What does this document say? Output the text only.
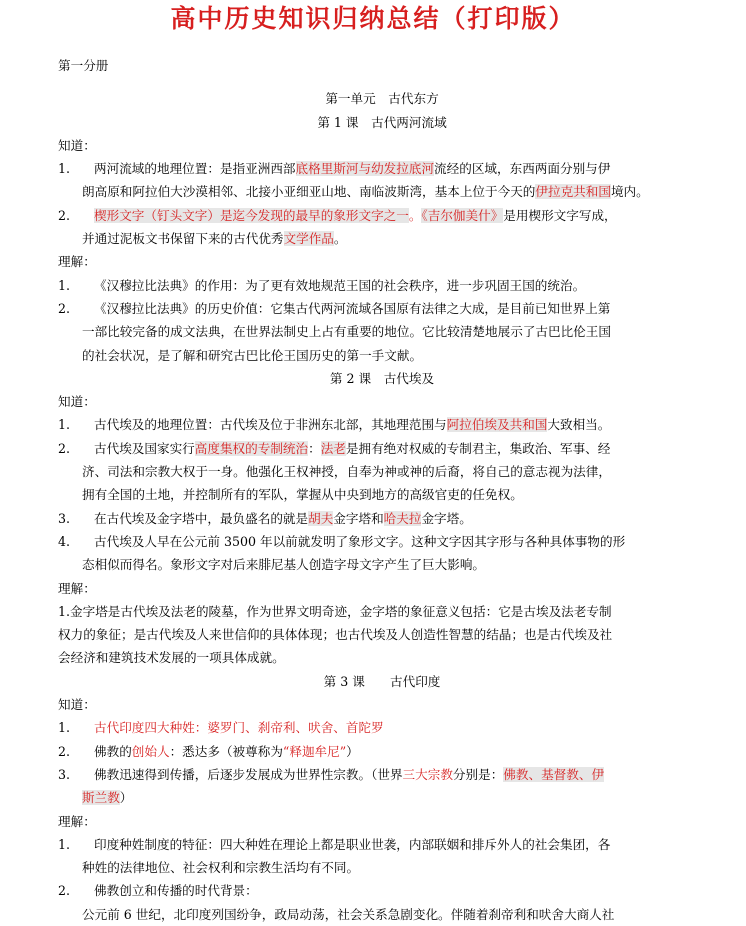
高中历史知识归纳总结（打印版）
第一分册
第一单元　古代东方
第 1 课　古代两河流域
知道：
1. 两河流域的地理位置：是指亚洲西部底格里斯河与幼发拉底河流经的区域，东西两面分别与伊
朗高原和阿拉伯大沙漠相邻、北接小亚细亚山地、南临波斯湾，基本上位于今天的伊拉克共和国境内。
2. 楔形文字（钉头文字）是迄今发现的最早的象形文字之一。《吉尔伽美什》是用楔形文字写成，
并通过泥板文书保留下来的古代优秀文学作品。
理解：
1. 《汉穆拉比法典》的作用：为了更有效地规范王国的社会秩序，进一步巩固王国的统治。
2. 《汉穆拉比法典》的历史价值：它集古代两河流域各国原有法律之大成，是目前已知世界上第
一部比较完备的成文法典，在世界法制史上占有重要的地位。它比较清楚地展示了古巴比伦王国
的社会状况，是了解和研究古巴比伦王国历史的第一手文献。
第 2 课　古代埃及
知道：
1. 古代埃及的地理位置：古代埃及位于非洲东北部，其地理范围与阿拉伯埃及共和国大致相当。
2. 古代埃及国家实行高度集权的专制统治：法老是拥有绝对权威的专制君主，集政治、军事、经
济、司法和宗教大权于一身。他强化王权神授，自奉为神或神的后裔，将自己的意志视为法律，
拥有全国的土地，并控制所有的军队，掌握从中央到地方的高级官吏的任免权。
3. 在古代埃及金字塔中，最负盛名的就是胡夫金字塔和哈夫拉金字塔。
4. 古代埃及人早在公元前 3500 年以前就发明了象形文字。这种文字因其字形与各种具体事物的形
态相似而得名。象形文字对后来腓尼基人创造字母文字产生了巨大影响。
理解：
1.金字塔是古代埃及法老的陵墓，作为世界文明奇迹，金字塔的象征意义包括：它是古埃及法老专制
权力的象征；是古代埃及人来世信仰的具体体现；也古代埃及人创造性智慧的结晶；也是古代埃及社
会经济和建筑技术发展的一项具体成就。
第 3 课　　古代印度
知道：
1. 古代印度四大种姓：婆罗门、刹帝利、吠舍、首陀罗
2. 佛教的创始人：悉达多（被尊称为“释迦牟尼”）
3. 佛教迅速得到传播，后逐步发展成为世界性宗教。（世界三大宗教分别是：佛教、基督教、伊
斯兰教）
理解：
1. 印度种姓制度的特征：四大种姓在理论上都是职业世袭，内部联姻和排斥外人的社会集团，各
种姓的法律地位、社会权利和宗教生活均有不同。
2. 佛教创立和传播的时代背景：
公元前 6 世纪，北印度列国纷争，政局动荡，社会关系急剧变化。伴随着刹帝利和吠舍大商人社
